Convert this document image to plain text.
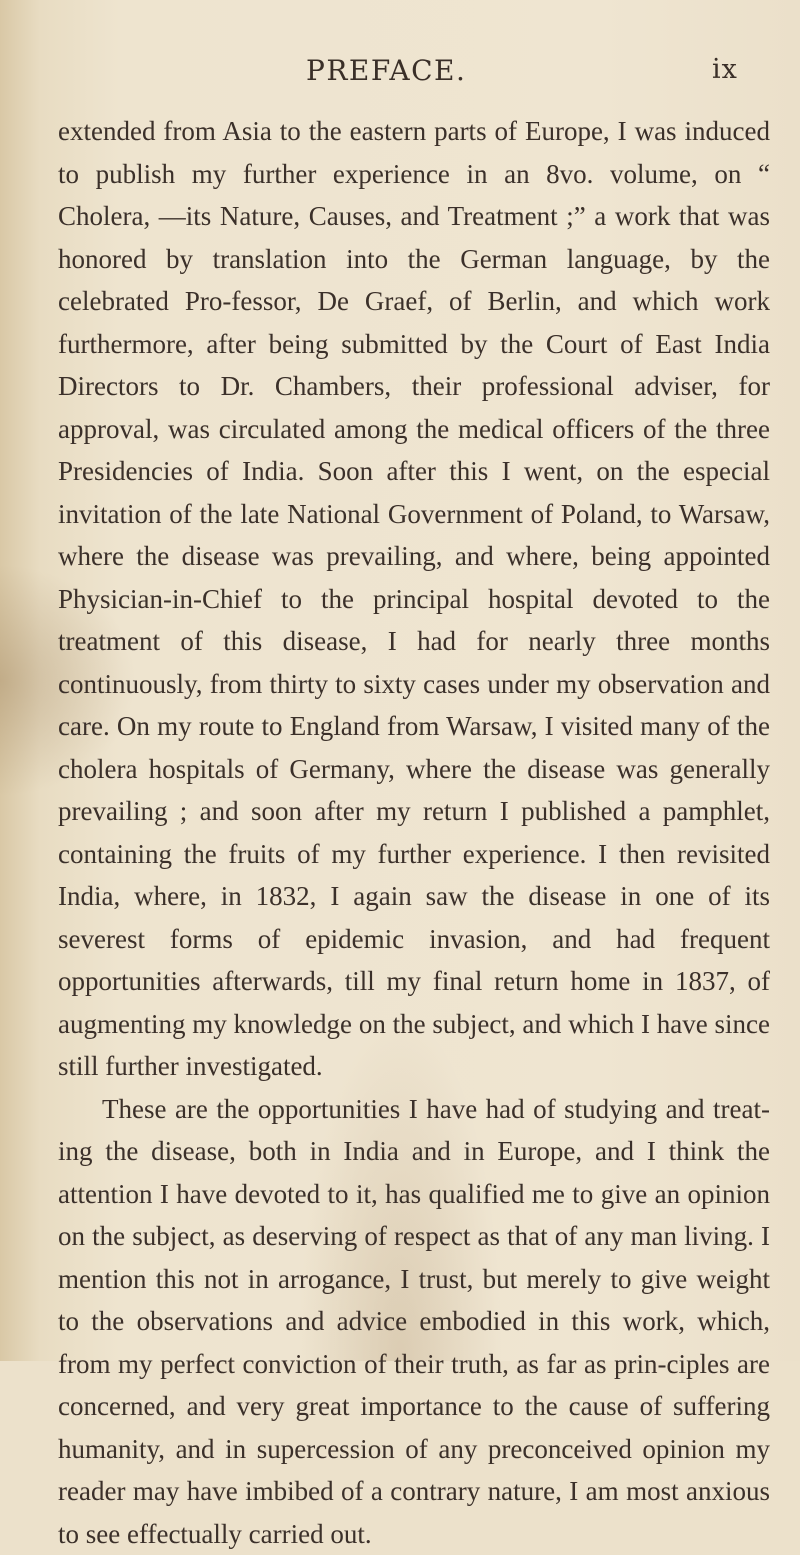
PREFACE.	ix

extended from Asia to the eastern parts of Europe, I was induced to publish my further experience in an 8vo. volume, on “ Cholera, —its Nature, Causes, and Treatment ;” a work that was honored by translation into the German language, by the celebrated Pro-fessor, De Graef, of Berlin, and which work furthermore, after being submitted by the Court of East India Directors to Dr. Chambers, their professional adviser, for approval, was circulated among the medical officers of the three Presidencies of India. Soon after this I went, on the especial invitation of the late National Government of Poland, to Warsaw, where the disease was prevailing, and where, being appointed Physician-in-Chief to the principal hospital devoted to the treatment of this disease, I had for nearly three months continuously, from thirty to sixty cases under my observation and care. On my route to England from Warsaw, I visited many of the cholera hospitals of Germany, where the disease was generally prevailing ; and soon after my return I published a pamphlet, containing the fruits of my further experience. I then revisited India, where, in 1832, I again saw the disease in one of its severest forms of epidemic invasion, and had frequent opportunities afterwards, till my final return home in 1837, of augmenting my knowledge on the subject, and which I have since still further investigated.

These are the opportunities I have had of studying and treat-ing the disease, both in India and in Europe, and I think the attention I have devoted to it, has qualified me to give an opinion on the subject, as deserving of respect as that of any man living. I mention this not in arrogance, I trust, but merely to give weight to the observations and advice embodied in this work, which, from my perfect conviction of their truth, as far as prin-ciples are concerned, and very great importance to the cause of suffering humanity, and in supercession of any preconceived opinion my reader may have imbibed of a contrary nature, I am most anxious to see effectually carried out.
